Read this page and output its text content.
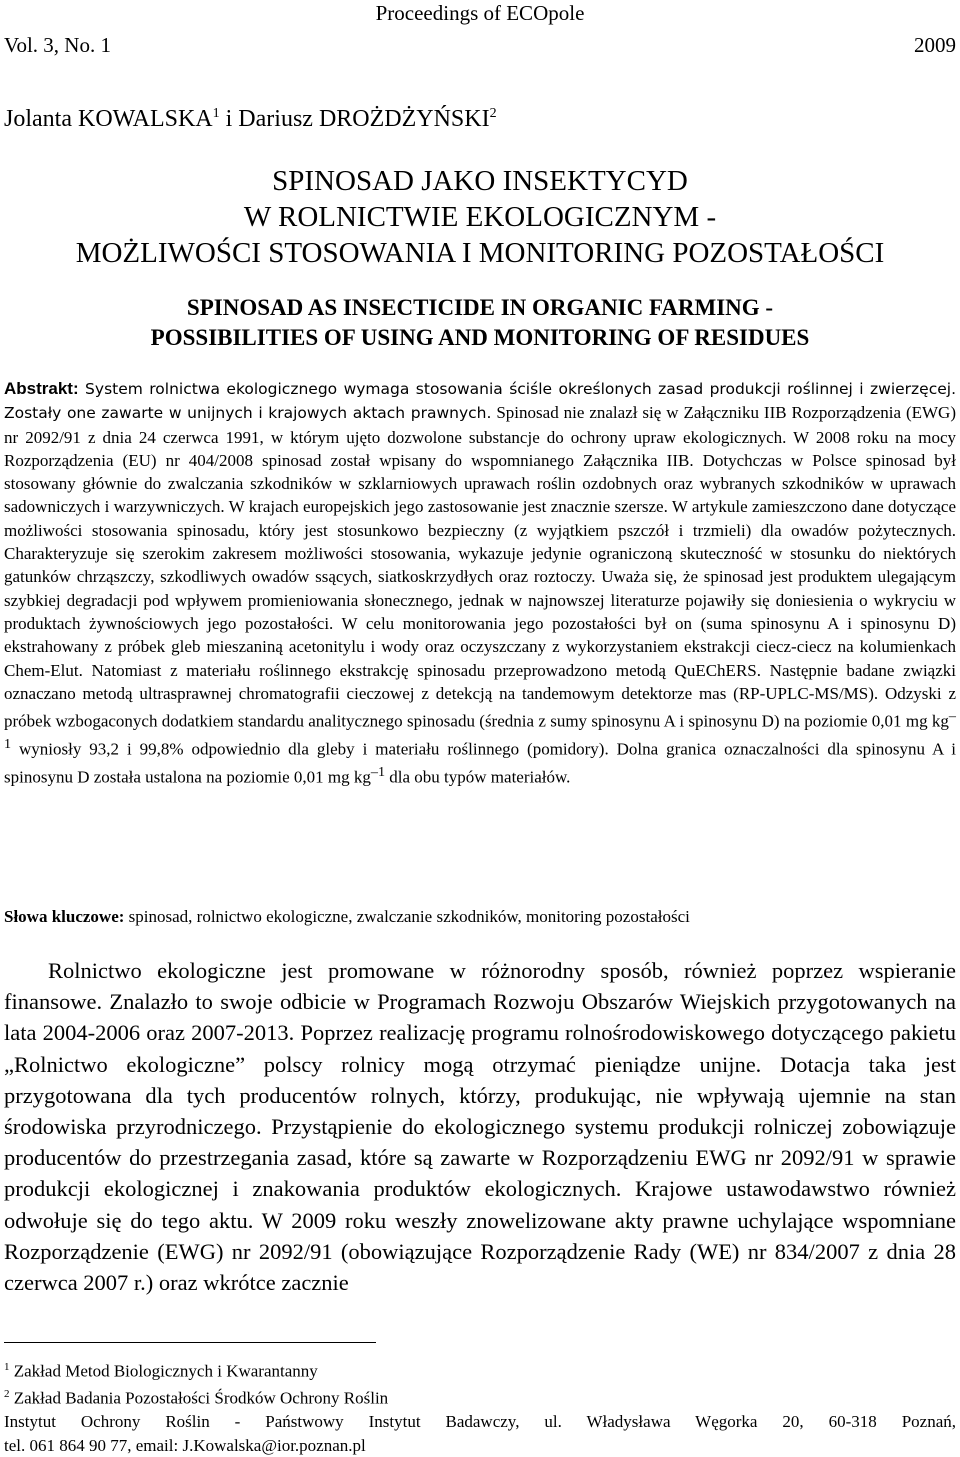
Proceedings of ECOpole
Vol. 3, No. 1	2009
Jolanta KOWALSKA$^1$ i Dariusz DROŻDŻYŃSKI$^2$
SPINOSAD JAKO INSEKTYCYD
W ROLNICTWIE EKOLOGICZNYM -
MOŻLIWOŚCI STOSOWANIA I MONITORING POZOSTAŁOŚCI
SPINOSAD AS INSECTICIDE IN ORGANIC FARMING -
POSSIBILITIES OF USING AND MONITORING OF RESIDUES
Abstrakt: System rolnictwa ekologicznego wymaga stosowania ściśle określonych zasad produkcji roślinnej i zwierzęcej. Zostały one zawarte w unijnych i krajowych aktach prawnych. Spinosad nie znalazł się w Załączniku IIB Rozporządzenia (EWG) nr 2092/91 z dnia 24 czerwca 1991, w którym ujęto dozwolone substancje do ochrony upraw ekologicznych. W 2008 roku na mocy Rozporządzenia (EU) nr 404/2008 spinosad został wpisany do wspomnianego Załącznika IIB. Dotychczas w Polsce spinosad był stosowany głównie do zwalczania szkodników w szklarniowych uprawach roślin ozdobnych oraz wybranych szkodników w uprawach sadowniczych i warzywniczych. W krajach europejskich jego zastosowanie jest znacznie szersze. W artykule zamieszczono dane dotyczące możliwości stosowania spinosadu, który jest stosunkowo bezpieczny (z wyjątkiem pszczół i trzmieli) dla owadów pożytecznych. Charakteryzuje się szerokim zakresem możliwości stosowania, wykazuje jedynie ograniczoną skuteczność w stosunku do niektórych gatunków chrząszczy, szkodliwych owadów ssących, siatkoskrzydłych oraz roztoczy. Uważa się, że spinosad jest produktem ulegającym szybkiej degradacji pod wpływem promieniowania słonecznego, jednak w najnowszej literaturze pojawiły się doniesienia o wykryciu w produktach żywnościowych jego pozostałości. W celu monitorowania jego pozostałości był on (suma spinosynu A i spinosynu D) ekstrahowany z próbek gleb mieszaniną acetonitylu i wody oraz oczyszczany z wykorzystaniem ekstrakcji ciecz-ciecz na kolumienkach Chem-Elut. Natomiast z materiału roślinnego ekstrakcję spinosadu przeprowadzono metodą QuEChERS. Następnie badane związki oznaczano metodą ultrasprawnej chromatografii cieczowej z detekcją na tandemowym detektorze mas (RP-UPLC-MS/MS). Odzyski z próbek wzbogaconych dodatkiem standardu analitycznego spinosadu (średnia z sumy spinosynu A i spinosynu D) na poziomie 0,01 mg $kg^{-1}$ wyniosły 93,2 i 99,8% odpowiednio dla gleby i materiału roślinnego (pomidory). Dolna granica oznaczalności dla spinosynu A i spinosynu D została ustalona na poziomie 0,01 mg $kg^{-1}$ dla obu typów materiałów.
Słowa kluczowe: spinosad, rolnictwo ekologiczne, zwalczanie szkodników, monitoring pozostałości
Rolnictwo ekologiczne jest promowane w różnorodny sposób, również poprzez wspieranie finansowe. Znalazło to swoje odbicie w Programach Rozwoju Obszarów Wiejskich przygotowanych na lata 2004-2006 oraz 2007-2013. Poprzez realizację programu rolnośrodowiskowego dotyczącego pakietu „Rolnictwo ekologiczne” polscy rolnicy mogą otrzymać pieniądze unijne. Dotacja taka jest przygotowana dla tych producentów rolnych, którzy, produkując, nie wpływają ujemnie na stan środowiska przyrodniczego. Przystąpienie do ekologicznego systemu produkcji rolniczej zobowiązuje producentów do przestrzegania zasad, które są zawarte w Rozporządzeniu EWG nr 2092/91 w sprawie produkcji ekologicznej i znakowania produktów ekologicznych. Krajowe ustawodawstwo również odwołuje się do tego aktu. W 2009 roku weszły znowelizowane akty prawne uchylające wspomniane Rozporządzenie (EWG) nr 2092/91 (obowiązujące Rozporządzenie Rady (WE) nr 834/2007 z dnia 28 czerwca 2007 r.) oraz wkrótce zacznie
$^1$ Zakład Metod Biologicznych i Kwarantanny
$^2$ Zakład Badania Pozostałości Środków Ochrony Roślin
Instytut Ochrony Roślin - Państwowy Instytut Badawczy, ul. Władysława Węgorka 20, 60-318 Poznań,
tel. 061 864 90 77, email: J.Kowalska@ior.poznan.pl
